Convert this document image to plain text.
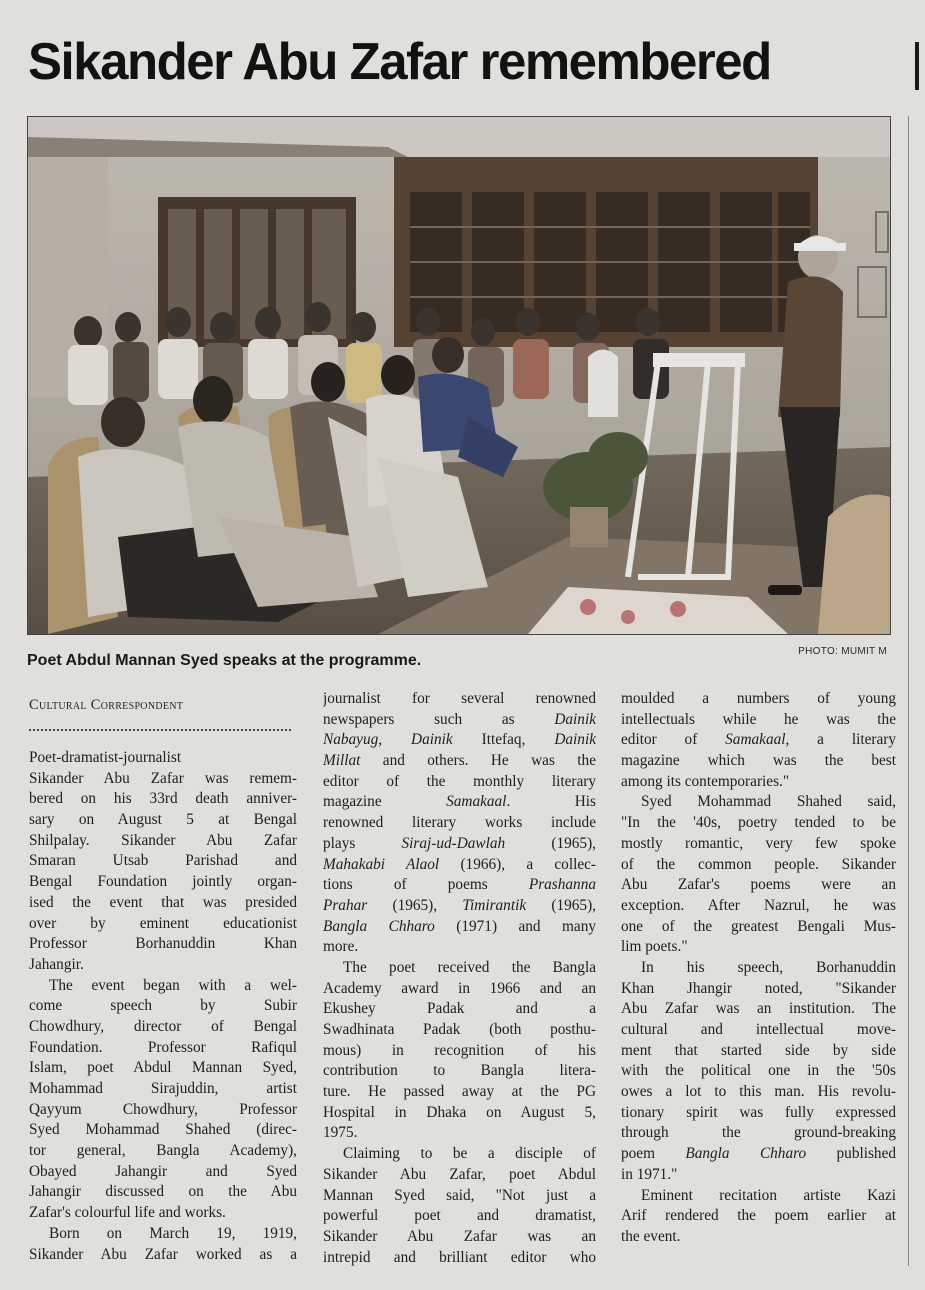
Sikander Abu Zafar remembered
Poet Abdul Mannan Syed speaks at the programme.
PHOTO: MUMIT M
Cultural Correspondent
Poet-dramatist-journalist
Sikander Abu Zafar was remem-
bered on his 33rd death anniver-
sary on August 5 at Bengal
Shilpalay. Sikander Abu Zafar
Smaran Utsab Parishad and
Bengal Foundation jointly organ-
ised the event that was presided
over by eminent educationist
Professor Borhanuddin Khan
Jahangir.
The event began with a wel-
come speech by Subir
Chowdhury, director of Bengal
Foundation. Professor Rafiqul
Islam, poet Abdul Mannan Syed,
Mohammad Sirajuddin, artist
Qayyum Chowdhury, Professor
Syed Mohammad Shahed (direc-
tor general, Bangla Academy),
Obayed Jahangir and Syed
Jahangir discussed on the Abu
Zafar's colourful life and works.
Born on March 19, 1919,
Sikander Abu Zafar worked as a
journalist for several renowned
newspapers such as Dainik
Nabayug, Dainik Ittefaq, Dainik
Millat and others. He was the
editor of the monthly literary
magazine Samakaal. His
renowned literary works include
plays Siraj-ud-Dawlah (1965),
Mahakabi Alaol (1966), a collec-
tions of poems Prashanna
Prahar (1965), Timirantik (1965),
Bangla Chharo (1971) and many
more.
The poet received the Bangla
Academy award in 1966 and an
Ekushey Padak and a
Swadhinata Padak (both posthu-
mous) in recognition of his
contribution to Bangla litera-
ture. He passed away at the PG
Hospital in Dhaka on August 5,
1975.
Claiming to be a disciple of
Sikander Abu Zafar, poet Abdul
Mannan Syed said, "Not just a
powerful poet and dramatist,
Sikander Abu Zafar was an
intrepid and brilliant editor who
moulded a numbers of young
intellectuals while he was the
editor of Samakaal, a literary
magazine which was the best
among its contemporaries."
Syed Mohammad Shahed said,
"In the '40s, poetry tended to be
mostly romantic, very few spoke
of the common people. Sikander
Abu Zafar's poems were an
exception. After Nazrul, he was
one of the greatest Bengali Mus-
lim poets."
In his speech, Borhanuddin
Khan Jhangir noted, "Sikander
Abu Zafar was an institution. The
cultural and intellectual move-
ment that started side by side
with the political one in the '50s
owes a lot to this man. His revolu-
tionary spirit was fully expressed
through the ground-breaking
poem Bangla Chharo published
in 1971."
Eminent recitation artiste Kazi
Arif rendered the poem earlier at
the event.
